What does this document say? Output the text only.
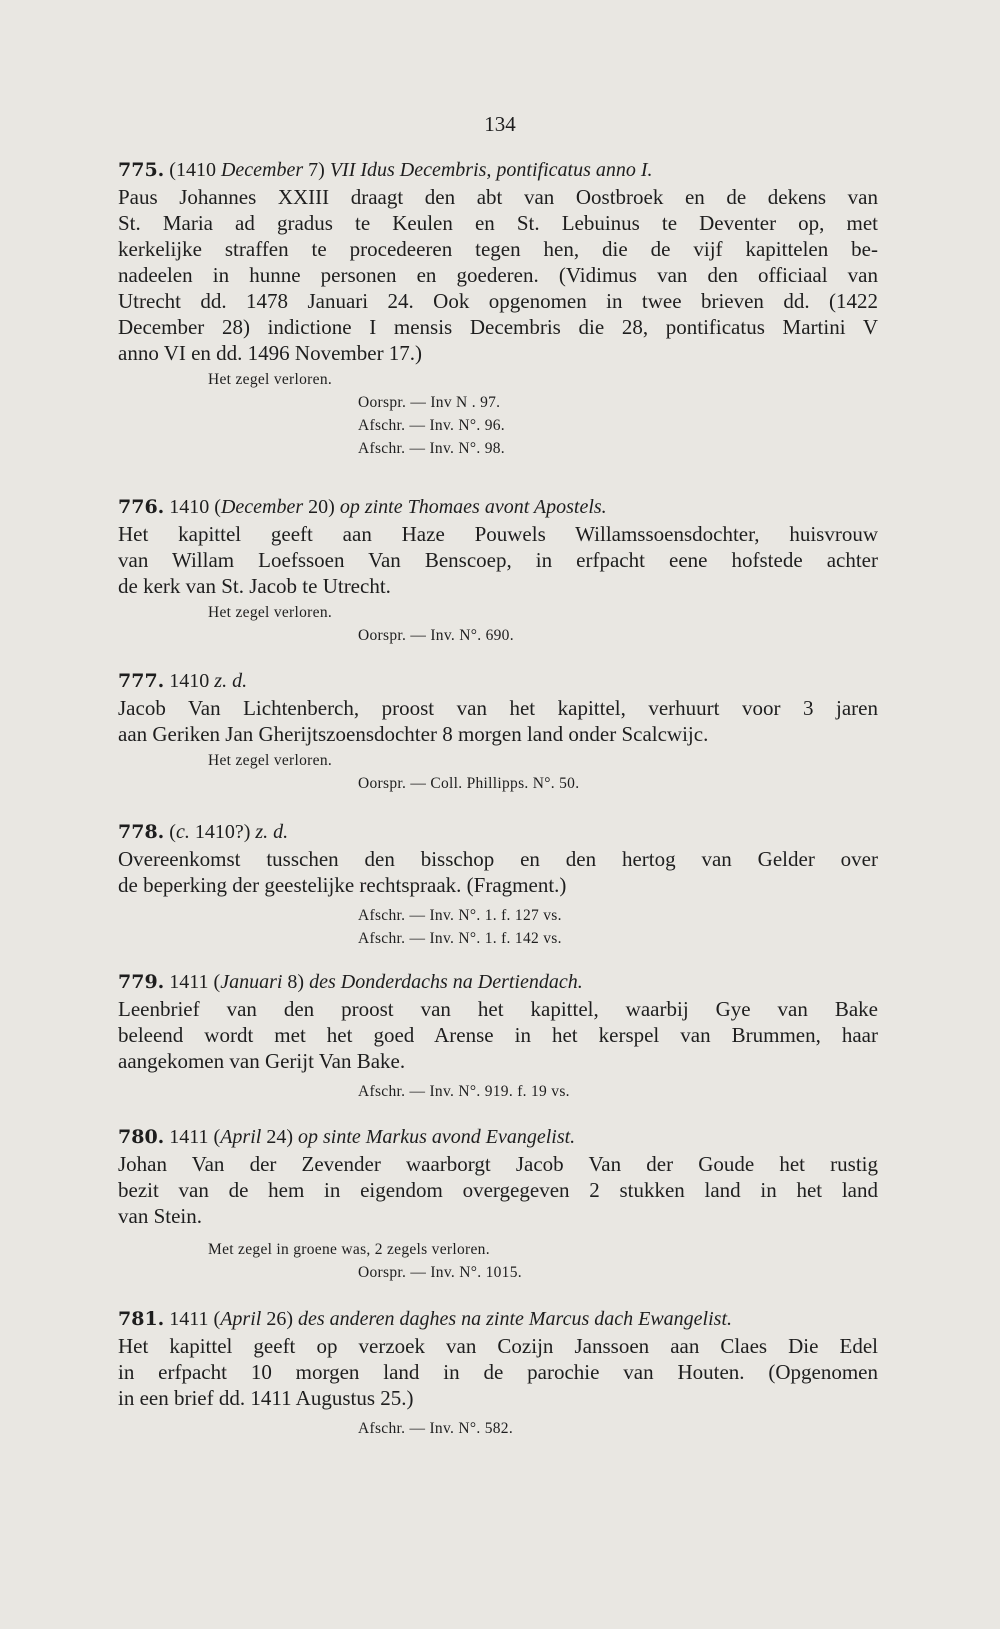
134
775. (1410 December 7) VII Idus Decembris, pontificatus anno I.
Paus Johannes XXIII draagt den abt van Oostbroek en de dekens van
St. Maria ad gradus te Keulen en St. Lebuinus te Deventer op, met
kerkelijke straffen te procedeeren tegen hen, die de vijf kapittelen be-
nadeelen in hunne personen en goederen. (Vidimus van den officiaal van
Utrecht dd. 1478 Januari 24. Ook opgenomen in twee brieven dd. (1422
December 28) indictione I mensis Decembris die 28, pontificatus Martini V
anno VI en dd. 1496 November 17.)
Het zegel verloren.
Oorspr. — Inv N . 97.
Afschr. — Inv. N°. 96.
Afschr. — Inv. N°. 98.
776. 1410 (December 20) op zinte Thomaes avont Apostels.
Het kapittel geeft aan Haze Pouwels Willamssoensdochter, huisvrouw
van Willam Loefssoen Van Benscoep, in erfpacht eene hofstede achter
de kerk van St. Jacob te Utrecht.
Het zegel verloren.
Oorspr. — Inv. N°. 690.
777. 1410 z. d.
Jacob Van Lichtenberch, proost van het kapittel, verhuurt voor 3 jaren
aan Geriken Jan Gherijtszoensdochter 8 morgen land onder Scalcwijc.
Het zegel verloren.
Oorspr. — Coll. Phillipps. N°. 50.
778. (c. 1410?) z. d.
Overeenkomst tusschen den bisschop en den hertog van Gelder over
de beperking der geestelijke rechtspraak. (Fragment.)
Afschr. — Inv. N°. 1. f. 127 vs.
Afschr. — Inv. N°. 1. f. 142 vs.
779. 1411 (Januari 8) des Donderdachs na Dertiendach.
Leenbrief van den proost van het kapittel, waarbij Gye van Bake
beleend wordt met het goed Arense in het kerspel van Brummen, haar
aangekomen van Gerijt Van Bake.
Afschr. — Inv. N°. 919. f. 19 vs.
780. 1411 (April 24) op sinte Markus avond Evangelist.
Johan Van der Zevender waarborgt Jacob Van der Goude het rustig
bezit van de hem in eigendom overgegeven 2 stukken land in het land
van Stein.
Met zegel in groene was, 2 zegels verloren.
Oorspr. — Inv. N°. 1015.
781. 1411 (April 26) des anderen daghes na zinte Marcus dach Ewangelist.
Het kapittel geeft op verzoek van Cozijn Janssoen aan Claes Die Edel
in erfpacht 10 morgen land in de parochie van Houten. (Opgenomen
in een brief dd. 1411 Augustus 25.)
Afschr. — Inv. N°. 582.
